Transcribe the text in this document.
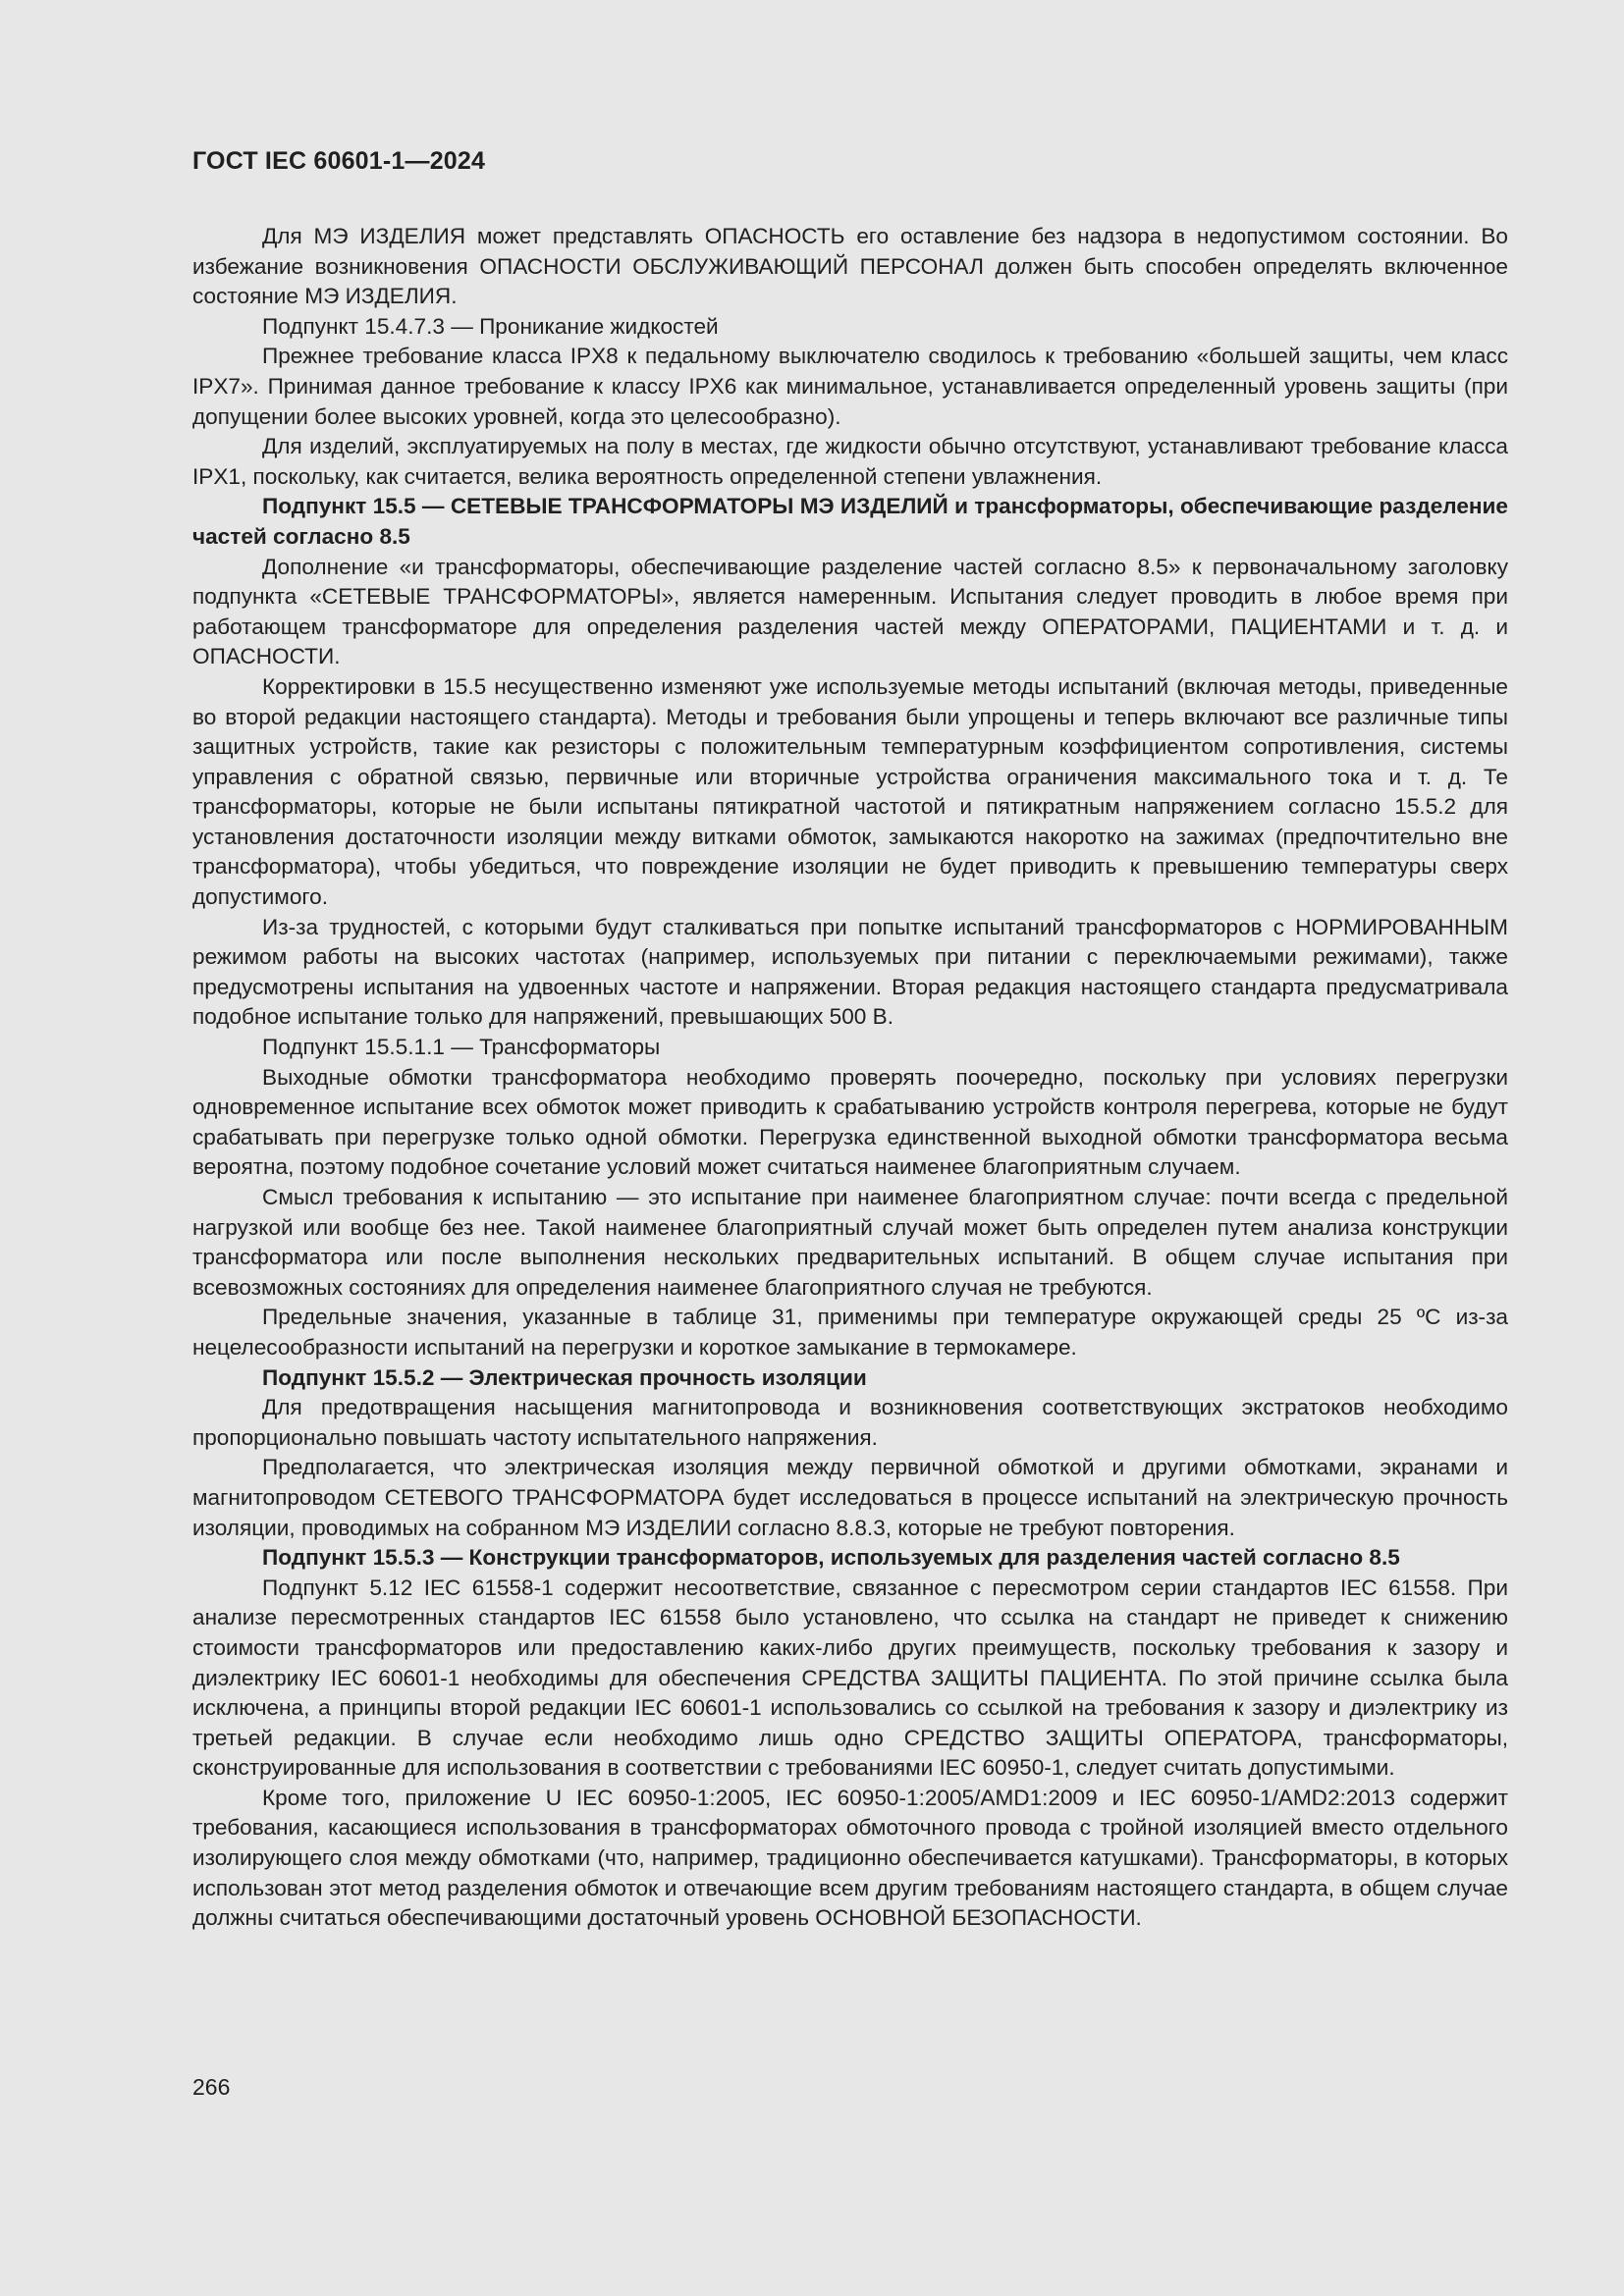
ГОСТ IEC 60601-1—2024

Для МЭ ИЗДЕЛИЯ может представлять ОПАСНОСТЬ его оставление без надзора в недопустимом состоянии. Во избежание возникновения ОПАСНОСТИ ОБСЛУЖИВАЮЩИЙ ПЕРСОНАЛ должен быть способен определять включенное состояние МЭ ИЗДЕЛИЯ.

Подпункт 15.4.7.3 — Проникание жидкостей

Прежнее требование класса IPX8 к педальному выключателю сводилось к требованию «большей защиты, чем класс IPX7». Принимая данное требование к классу IPX6 как минимальное, устанавливается определенный уровень защиты (при допущении более высоких уровней, когда это целесообразно).

Для изделий, эксплуатируемых на полу в местах, где жидкости обычно отсутствуют, устанавливают требование класса IPX1, поскольку, как считается, велика вероятность определенной степени увлажнения.

Подпункт 15.5 — СЕТЕВЫЕ ТРАНСФОРМАТОРЫ МЭ ИЗДЕЛИЙ и трансформаторы, обеспечивающие разделение частей согласно 8.5

Дополнение «и трансформаторы, обеспечивающие разделение частей согласно 8.5» к первоначальному заголовку подпункта «СЕТЕВЫЕ ТРАНСФОРМАТОРЫ», является намеренным. Испытания следует проводить в любое время при работающем трансформаторе для определения разделения частей между ОПЕРАТОРАМИ, ПАЦИЕНТАМИ и т. д. и ОПАСНОСТИ.

Корректировки в 15.5 несущественно изменяют уже используемые методы испытаний (включая методы, приведенные во второй редакции настоящего стандарта). Методы и требования были упрощены и теперь включают все различные типы защитных устройств, такие как резисторы с положительным температурным коэффициентом сопротивления, системы управления с обратной связью, первичные или вторичные устройства ограничения максимального тока и т. д. Те трансформаторы, которые не были испытаны пятикратной частотой и пятикратным напряжением согласно 15.5.2 для установления достаточности изоляции между витками обмоток, замыкаются накоротко на зажимах (предпочтительно вне трансформатора), чтобы убедиться, что повреждение изоляции не будет приводить к превышению температуры сверх допустимого.

Из-за трудностей, с которыми будут сталкиваться при попытке испытаний трансформаторов с НОРМИРОВАННЫМ режимом работы на высоких частотах (например, используемых при питании с переключаемыми режимами), также предусмотрены испытания на удвоенных частоте и напряжении. Вторая редакция настоящего стандарта предусматривала подобное испытание только для напряжений, превышающих 500 В.

Подпункт 15.5.1.1 — Трансформаторы

Выходные обмотки трансформатора необходимо проверять поочередно, поскольку при условиях перегрузки одновременное испытание всех обмоток может приводить к срабатыванию устройств контроля перегрева, которые не будут срабатывать при перегрузке только одной обмотки. Перегрузка единственной выходной обмотки трансформатора весьма вероятна, поэтому подобное сочетание условий может считаться наименее благоприятным случаем.

Смысл требования к испытанию — это испытание при наименее благоприятном случае: почти всегда с предельной нагрузкой или вообще без нее. Такой наименее благоприятный случай может быть определен путем анализа конструкции трансформатора или после выполнения нескольких предварительных испытаний. В общем случае испытания при всевозможных состояниях для определения наименее благоприятного случая не требуются.

Предельные значения, указанные в таблице 31, применимы при температуре окружающей среды 25 ºC из-за нецелесообразности испытаний на перегрузки и короткое замыкание в термокамере.

Подпункт 15.5.2 — Электрическая прочность изоляции

Для предотвращения насыщения магнитопровода и возникновения соответствующих экстратоков необходимо пропорционально повышать частоту испытательного напряжения.

Предполагается, что электрическая изоляция между первичной обмоткой и другими обмотками, экранами и магнитопроводом СЕТЕВОГО ТРАНСФОРМАТОРА будет исследоваться в процессе испытаний на электрическую прочность изоляции, проводимых на собранном МЭ ИЗДЕЛИИ согласно 8.8.3, которые не требуют повторения.

Подпункт 15.5.3 — Конструкции трансформаторов, используемых для разделения частей согласно 8.5

Подпункт 5.12 IEC 61558-1 содержит несоответствие, связанное с пересмотром серии стандартов IEC 61558. При анализе пересмотренных стандартов IEC 61558 было установлено, что ссылка на стандарт не приведет к снижению стоимости трансформаторов или предоставлению каких-либо других преимуществ, поскольку требования к зазору и диэлектрику IEC 60601-1 необходимы для обеспечения СРЕДСТВА ЗАЩИТЫ ПАЦИЕНТА. По этой причине ссылка была исключена, а принципы второй редакции IEC 60601-1 использовались со ссылкой на требования к зазору и диэлектрику из третьей редакции. В случае если необходимо лишь одно СРЕДСТВО ЗАЩИТЫ ОПЕРАТОРА, трансформаторы, сконструированные для использования в соответствии с требованиями IEC 60950-1, следует считать допустимыми.

Кроме того, приложение U IEC 60950-1:2005, IEC 60950-1:2005/AMD1:2009 и IEC 60950-1/AMD2:2013 содержит требования, касающиеся использования в трансформаторах обмоточного провода с тройной изоляцией вместо отдельного изолирующего слоя между обмотками (что, например, традиционно обеспечивается катушками). Трансформаторы, в которых использован этот метод разделения обмоток и отвечающие всем другим требованиям настоящего стандарта, в общем случае должны считаться обеспечивающими достаточный уровень ОСНОВНОЙ БЕЗОПАСНОСТИ.

266
